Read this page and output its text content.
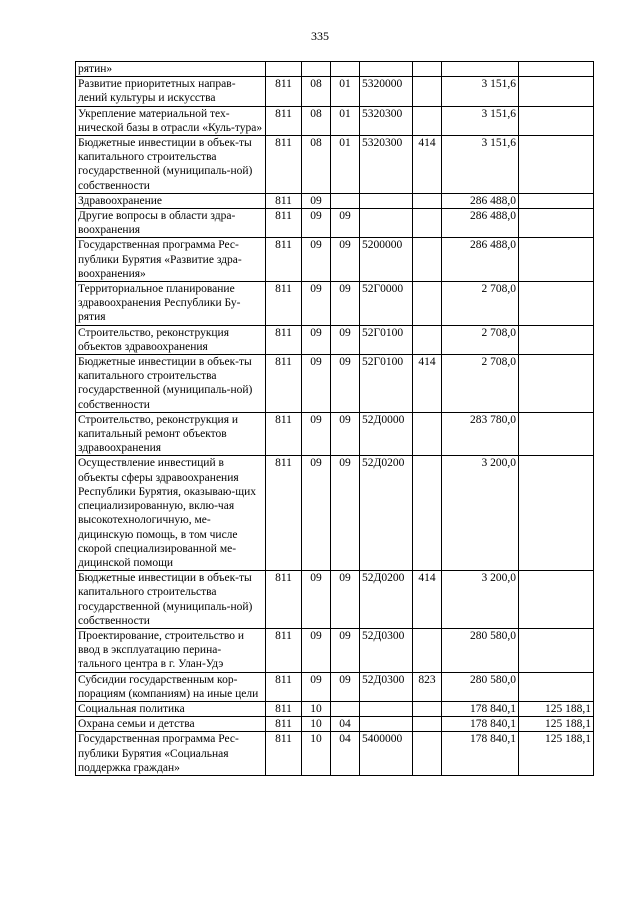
335
рятин»							
Развитие приоритетных направ-лений культуры и искусства	811	08	01	5320000		3 151,6	
Укрепление материальной тех-нической базы в отрасли «Куль-тура»	811	08	01	5320300		3 151,6	
Бюджетные инвестиции в объек-ты капитального строительства государственной (муниципаль-ной) собственности	811	08	01	5320300	414	3 151,6	
Здравоохранение	811	09				286 488,0	
Другие вопросы в области здра-воохранения	811	09	09			286 488,0	
Государственная программа Рес-публики Бурятия «Развитие здра-воохранения»	811	09	09	5200000		286 488,0	
Территориальное планирование здравоохранения Республики Бу-рятия	811	09	09	52Г0000		2 708,0	
Строительство, реконструкция объектов здравоохранения	811	09	09	52Г0100		2 708,0	
Бюджетные инвестиции в объек-ты капитального строительства государственной (муниципаль-ной) собственности	811	09	09	52Г0100	414	2 708,0	
Строительство, реконструкция и капитальный ремонт объектов здравоохранения	811	09	09	52Д0000		283 780,0	
Осуществление инвестиций в объекты сферы здравоохранения Республики Бурятия, оказываю-щих специализированную, вклю-чая высокотехнологичную, ме-дицинскую помощь, в том числе скорой специализированной ме-дицинской помощи	811	09	09	52Д0200		3 200,0	
Бюджетные инвестиции в объек-ты капитального строительства государственной (муниципаль-ной) собственности	811	09	09	52Д0200	414	3 200,0	
Проектирование, строительство и ввод в эксплуатацию перина-тального центра в г. Улан-Удэ	811	09	09	52Д0300		280 580,0	
Субсидии государственным кор-порациям (компаниям) на иные цели	811	09	09	52Д0300	823	280 580,0	
Социальная политика	811	10				178 840,1	125 188,1
Охрана семьи и детства	811	10	04			178 840,1	125 188,1
Государственная программа Рес-публики Бурятия «Социальная поддержка граждан»	811	10	04	5400000		178 840,1	125 188,1
